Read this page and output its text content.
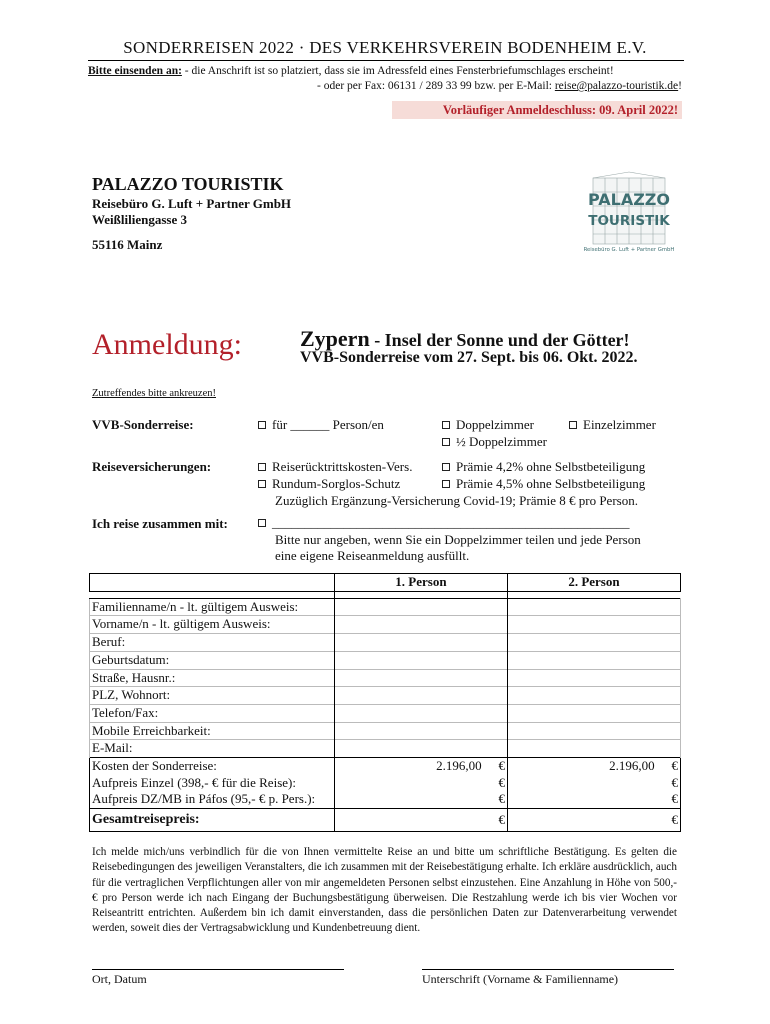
SONDERREISEN 2022 · DES VERKEHRSVEREIN BODENHEIM E.V.
Bitte einsenden an: - die Anschrift ist so platziert, dass sie im Adressfeld eines Fensterbriefumschlages erscheint!
- oder per Fax: 06131 / 289 33 99 bzw. per E-Mail: reise@palazzo-touristik.de!
Vorläufiger Anmeldeschluss: 09. April 2022!
PALAZZO TOURISTIK
Reisebüro G. Luft + Partner GmbH
Weißliliengasse 3
55116 Mainz
PALAZZO
TOURISTIK
Reisebüro G. Luft + Partner GmbH
Anmeldung:	Zypern - Insel der Sonne und der Götter!
VVB-Sonderreise vom 27. Sept. bis 06. Okt. 2022.
Zutreffendes bitte ankreuzen!
VVB-Sonderreise:	für ______ Person/en	Doppelzimmer	Einzelzimmer
½ Doppelzimmer
Reiseversicherungen:	Reiserücktrittskosten-Vers.	Prämie 4,2% ohne Selbstbeteiligung
Rundum-Sorglos-Schutz	Prämie 4,5% ohne Selbstbeteiligung
Zuzüglich Ergänzung-Versicherung Covid-19; Prämie 8 € pro Person.
Ich reise zusammen mit:	_______________________________________________________
Bitte nur angeben, wenn Sie ein Doppelzimmer teilen und jede Person
eine eigene Reiseanmeldung ausfüllt.
	1. Person		2. Person	

Familienname/n - lt. gültigem Ausweis:				
Vorname/n - lt. gültigem Ausweis:				
Beruf:				
Geburtsdatum:				
Straße, Hausnr.:				
PLZ, Wohnort:				
Telefon/Fax:				
Mobile Erreichbarkeit:				
E-Mail:				
Kosten der Sonderreise:	2.196,00	€	2.196,00	€
Aufpreis Einzel (398,- € für die Reise):		€		€
Aufpreis DZ/MB in Páfos (95,- € p. Pers.):		€		€
Gesamtreisepreis:		€		€
Ich melde mich/uns verbindlich für die von Ihnen vermittelte Reise an und bitte um schriftliche Bestätigung. Es gelten die Reisebedingungen des jeweiligen Veranstalters, die ich zusammen mit der Reisebestätigung erhalte. Ich erkläre ausdrücklich, auch für die vertraglichen Verpflichtungen aller von mir angemeldeten Personen selbst einzustehen. Eine Anzahlung in Höhe von 500,- € pro Person werde ich nach Eingang der Buchungsbestätigung überweisen. Die Restzahlung werde ich bis vier Wochen vor Reiseantritt entrichten. Außerdem bin ich damit einverstanden, dass die persönlichen Daten zur Datenverarbeitung verwendet werden, soweit dies der Vertragsabwicklung und Kundenbetreuung dient.
Ort, Datum	Unterschrift (Vorname & Familienname)
